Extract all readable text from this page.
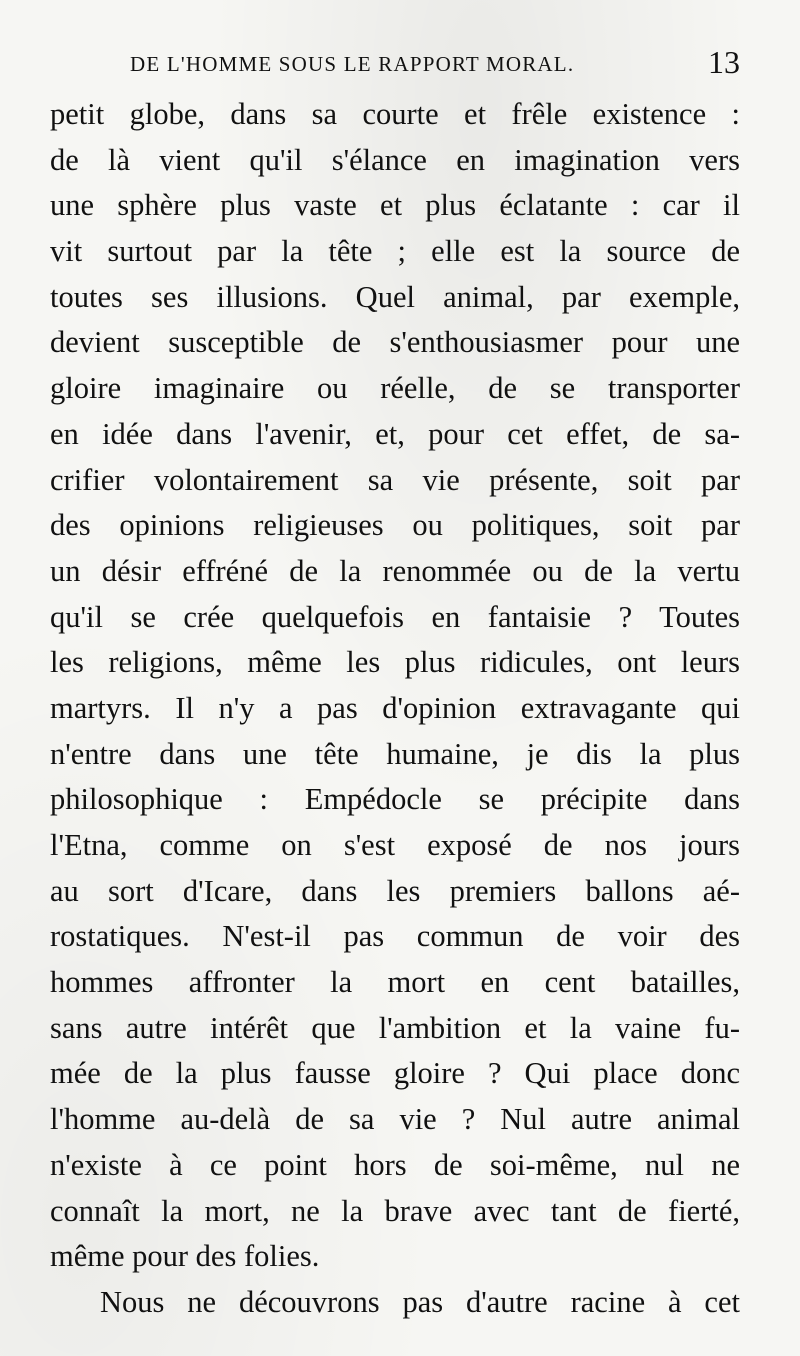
DE L'HOMME SOUS LE RAPPORT MORAL.	13
petit globe, dans sa courte et frêle existence :
de là vient qu'il s'élance en imagination vers
une sphère plus vaste et plus éclatante : car il
vit surtout par la tête ; elle est la source de
toutes ses illusions. Quel animal, par exemple,
devient susceptible de s'enthousiasmer pour une
gloire imaginaire ou réelle, de se transporter
en idée dans l'avenir, et, pour cet effet, de sa-
crifier volontairement sa vie présente, soit par
des opinions religieuses ou politiques, soit par
un désir effréné de la renommée ou de la vertu
qu'il se crée quelquefois en fantaisie ? Toutes
les religions, même les plus ridicules, ont leurs
martyrs. Il n'y a pas d'opinion extravagante qui
n'entre dans une tête humaine, je dis la plus
philosophique : Empédocle se précipite dans
l'Etna, comme on s'est exposé de nos jours
au sort d'Icare, dans les premiers ballons aé-
rostatiques. N'est-il pas commun de voir des
hommes affronter la mort en cent batailles,
sans autre intérêt que l'ambition et la vaine fu-
mée de la plus fausse gloire ? Qui place donc
l'homme au-delà de sa vie ? Nul autre animal
n'existe à ce point hors de soi-même, nul ne
connaît la mort, ne la brave avec tant de fierté,
même pour des folies.
Nous ne découvrons pas d'autre racine à cet
